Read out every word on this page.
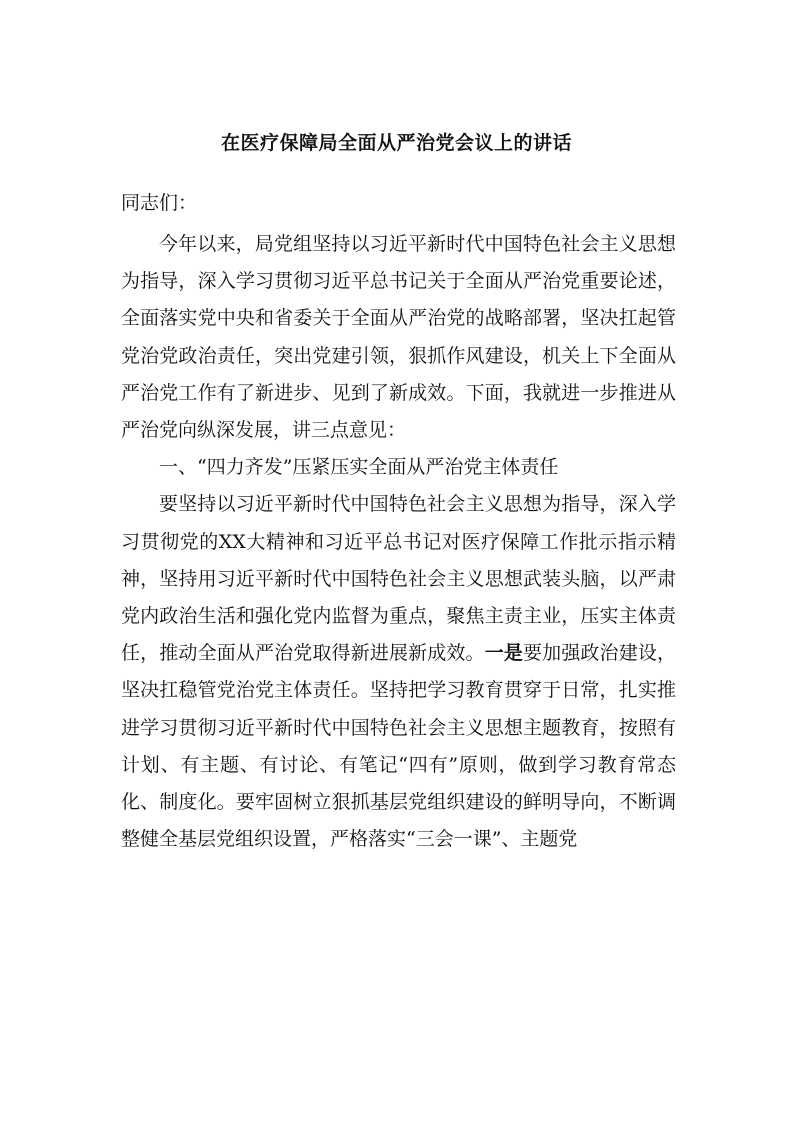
在医疗保障局全面从严治党会议上的讲话
同志们：

今年以来，局党组坚持以习近平新时代中国特色社会主义思想为指导，深入学习贯彻习近平总书记关于全面从严治党重要论述，全面落实党中央和省委关于全面从严治党的战略部署，坚决扛起管党治党政治责任，突出党建引领，狠抓作风建设，机关上下全面从严治党工作有了新进步、见到了新成效。下面，我就进一步推进从严治党向纵深发展，讲三点意见：

一、“四力齐发”压紧压实全面从严治党主体责任

要坚持以习近平新时代中国特色社会主义思想为指导，深入学习贯彻党的XX大精神和习近平总书记对医疗保障工作批示指示精神，坚持用习近平新时代中国特色社会主义思想武装头脑，以严肃党内政治生活和强化党内监督为重点，聚焦主责主业，压实主体责任，推动全面从严治党取得新进展新成效。一是要加强政治建设，坚决扛稳管党治党主体责任。坚持把学习教育贯穿于日常，扎实推进学习贯彻习近平新时代中国特色社会主义思想主题教育，按照有计划、有主题、有讨论、有笔记“四有”原则，做到学习教育常态化、制度化。要牢固树立狠抓基层党组织建设的鲜明导向，不断调整健全基层党组织设置，严格落实“三会一课”、主题党
